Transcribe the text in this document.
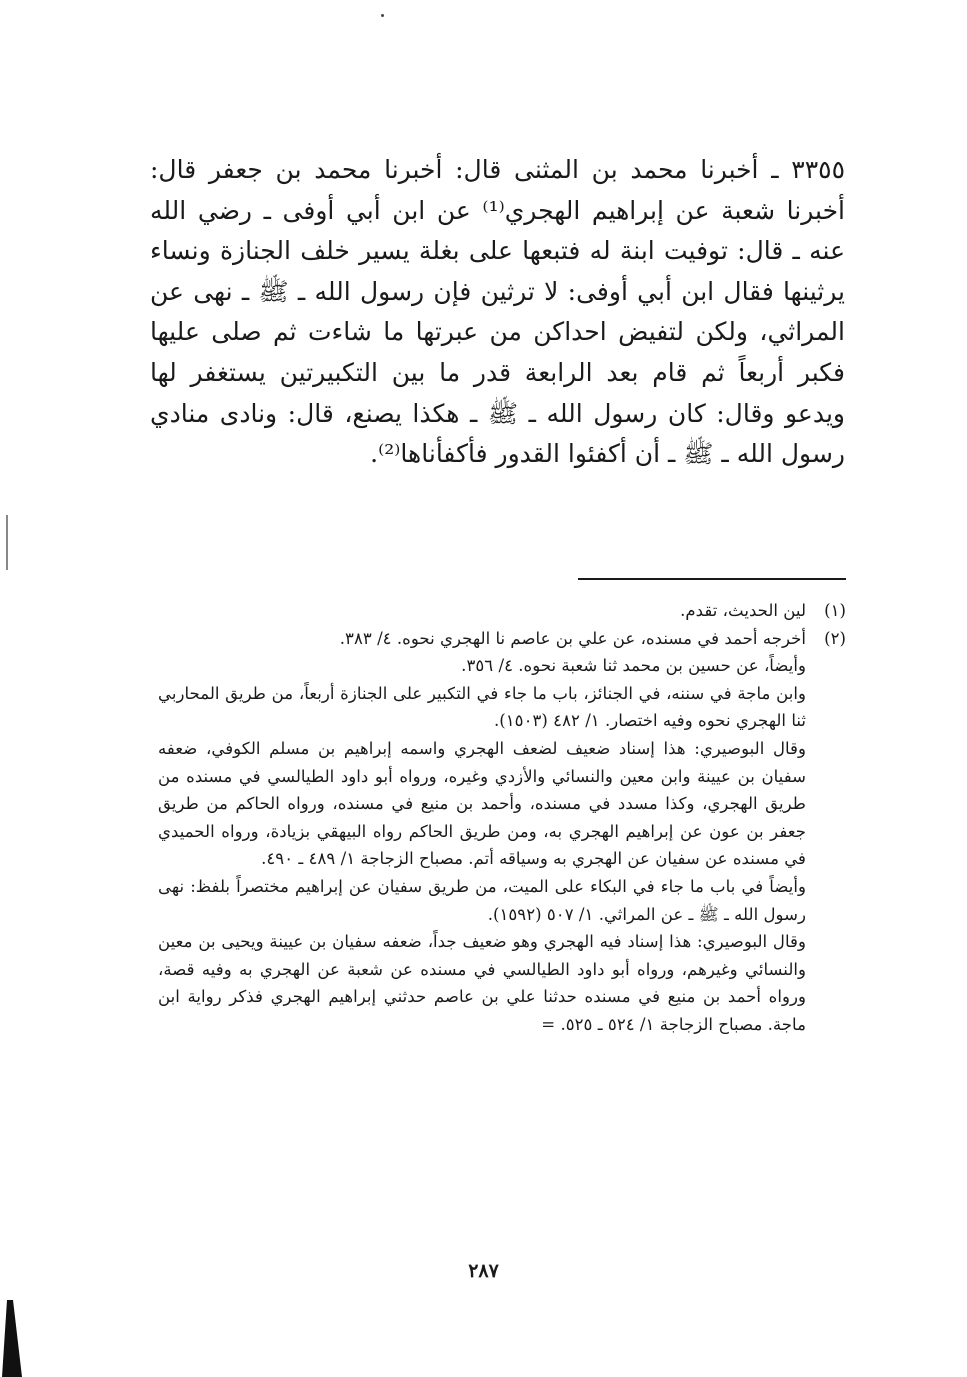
٣٣٥٥ ـ أخبرنا محمد بن المثنى قال: أخبرنا محمد بن جعفر قال: أخبرنا شعبة عن إبراهيم الهجري⁽¹⁾ عن ابن أبي أوفى ـ رضي الله عنه ـ قال: توفيت ابنة له فتبعها على بغلة يسير خلف الجنازة ونساء يرثينها فقال ابن أبي أوفى: لا ترثين فإن رسول الله ـ ﷺ ـ نهى عن المراثي، ولكن لتفيض احداكن من عبرتها ما شاءت ثم صلى عليها فكبر أربعاً ثم قام بعد الرابعة قدر ما بين التكبيرتين يستغفر لها ويدعو وقال: كان رسول الله ـ ﷺ ـ هكذا يصنع، قال: ونادى منادي رسول الله ـ ﷺ ـ أن أكفئوا القدور فأكفأناها⁽²⁾.

(١)لين الحديث، تقدم.

(٢)أخرجه أحمد في مسنده، عن علي بن عاصم نا الهجري نحوه. ٤/ ٣٨٣.

وأيضاً، عن حسين بن محمد ثنا شعبة نحوه. ٤/ ٣٥٦.

وابن ماجة في سننه، في الجنائز، باب ما جاء في التكبير على الجنازة أربعاً، من طريق المحاربي ثنا الهجري نحوه وفيه اختصار. ١/ ٤٨٢ (١٥٠٣).

وقال البوصيري: هذا إسناد ضعيف لضعف الهجري واسمه إبراهيم بن مسلم الكوفي، ضعفه سفيان بن عيينة وابن معين والنسائي والأزدي وغيره، ورواه أبو داود الطيالسي في مسنده من طريق الهجري، وكذا مسدد في مسنده، وأحمد بن منيع في مسنده، ورواه الحاكم من طريق جعفر بن عون عن إبراهيم الهجري به، ومن طريق الحاكم رواه البيهقي بزيادة، ورواه الحميدي في مسنده عن سفيان عن الهجري به وسياقه أتم. مصباح الزجاجة ١/ ٤٨٩ ـ ٤٩٠.

وأيضاً في باب ما جاء في البكاء على الميت، من طريق سفيان عن إبراهيم مختصراً بلفظ: نهى رسول الله ـ ﷺ ـ عن المراثي. ١/ ٥٠٧ (١٥٩٢).

وقال البوصيري: هذا إسناد فيه الهجري وهو ضعيف جداً، ضعفه سفيان بن عيينة ويحيى بن معين والنسائي وغيرهم، ورواه أبو داود الطيالسي في مسنده عن شعبة عن الهجري به وفيه قصة، ورواه أحمد بن منيع في مسنده حدثنا علي بن عاصم حدثني إبراهيم الهجري فذكر رواية ابن ماجة. مصباح الزجاجة ١/ ٥٢٤ ـ ٥٢٥. =

٢٨٧
